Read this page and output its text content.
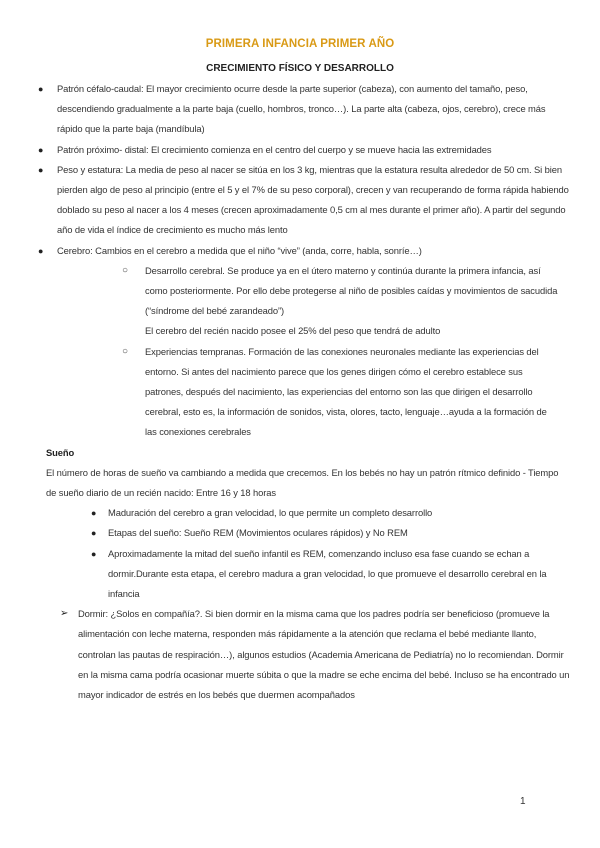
PRIMERA INFANCIA PRIMER AÑO
CRECIMIENTO FÍSICO Y DESARROLLO
● Patrón céfalo-caudal: El mayor crecimiento ocurre desde la parte superior (cabeza), con aumento del tamaño, peso, descendiendo gradualmente a la parte baja (cuello, hombros, tronco…). La parte alta (cabeza, ojos, cerebro), crece más rápido que la parte baja (mandíbula)
● Patrón próximo- distal: El crecimiento comienza en el centro del cuerpo y se mueve hacia las extremidades
● Peso y estatura: La media de peso al nacer se sitúa en los 3 kg, mientras que la estatura resulta alrededor de 50 cm. Si bien pierden algo de peso al principio (entre el 5 y el 7% de su peso corporal), crecen y van recuperando de forma rápida habiendo doblado su peso al nacer a los 4 meses (crecen aproximadamente 0,5 cm al mes durante el primer año). A partir del segundo año de vida el índice de crecimiento es mucho más lento
● Cerebro: Cambios en el cerebro a medida que el niño “vive” (anda, corre, habla, sonríe…)
○ Desarrollo cerebral. Se produce ya en el útero materno y continúa durante la primera infancia, así como posteriormente. Por ello debe protegerse al niño de posibles caídas y movimientos de sacudida (“síndrome del bebé zarandeado”)
El cerebro del recién nacido posee el 25% del peso que tendrá de adulto
○ Experiencias tempranas. Formación de las conexiones neuronales mediante las experiencias del entorno. Si antes del nacimiento parece que los genes dirigen cómo el cerebro establece sus patrones, después del nacimiento, las experiencias del entorno son las que dirigen el desarrollo cerebral, esto es, la información de sonidos, vista, olores, tacto, lenguaje…ayuda a la formación de las conexiones cerebrales
Sueño
El número de horas de sueño va cambiando a medida que crecemos. En los bebés no hay un patrón rítmico definido - Tiempo de sueño diario de un recién nacido: Entre 16 y 18 horas
● Maduración del cerebro a gran velocidad, lo que permite un completo desarrollo
● Etapas del sueño: Sueño REM (Movimientos oculares rápidos) y No REM
● Aproximadamente la mitad del sueño infantil es REM, comenzando incluso esa fase cuando se echan a dormir.Durante esta etapa, el cerebro madura a gran velocidad, lo que promueve el desarrollo cerebral en la infancia
➢ Dormir: ¿Solos en compañía?. Si bien dormir en la misma cama que los padres podría ser beneficioso (promueve la alimentación con leche materna, responden más rápidamente a la atención que reclama el bebé mediante llanto, controlan las pautas de respiración…), algunos estudios (Academia Americana de Pediatría) no lo recomiendan. Dormir en la misma cama podría ocasionar muerte súbita o que la madre se eche encima del bebé. Incluso se ha encontrado un mayor indicador de estrés en los bebés que duermen acompañados
1
